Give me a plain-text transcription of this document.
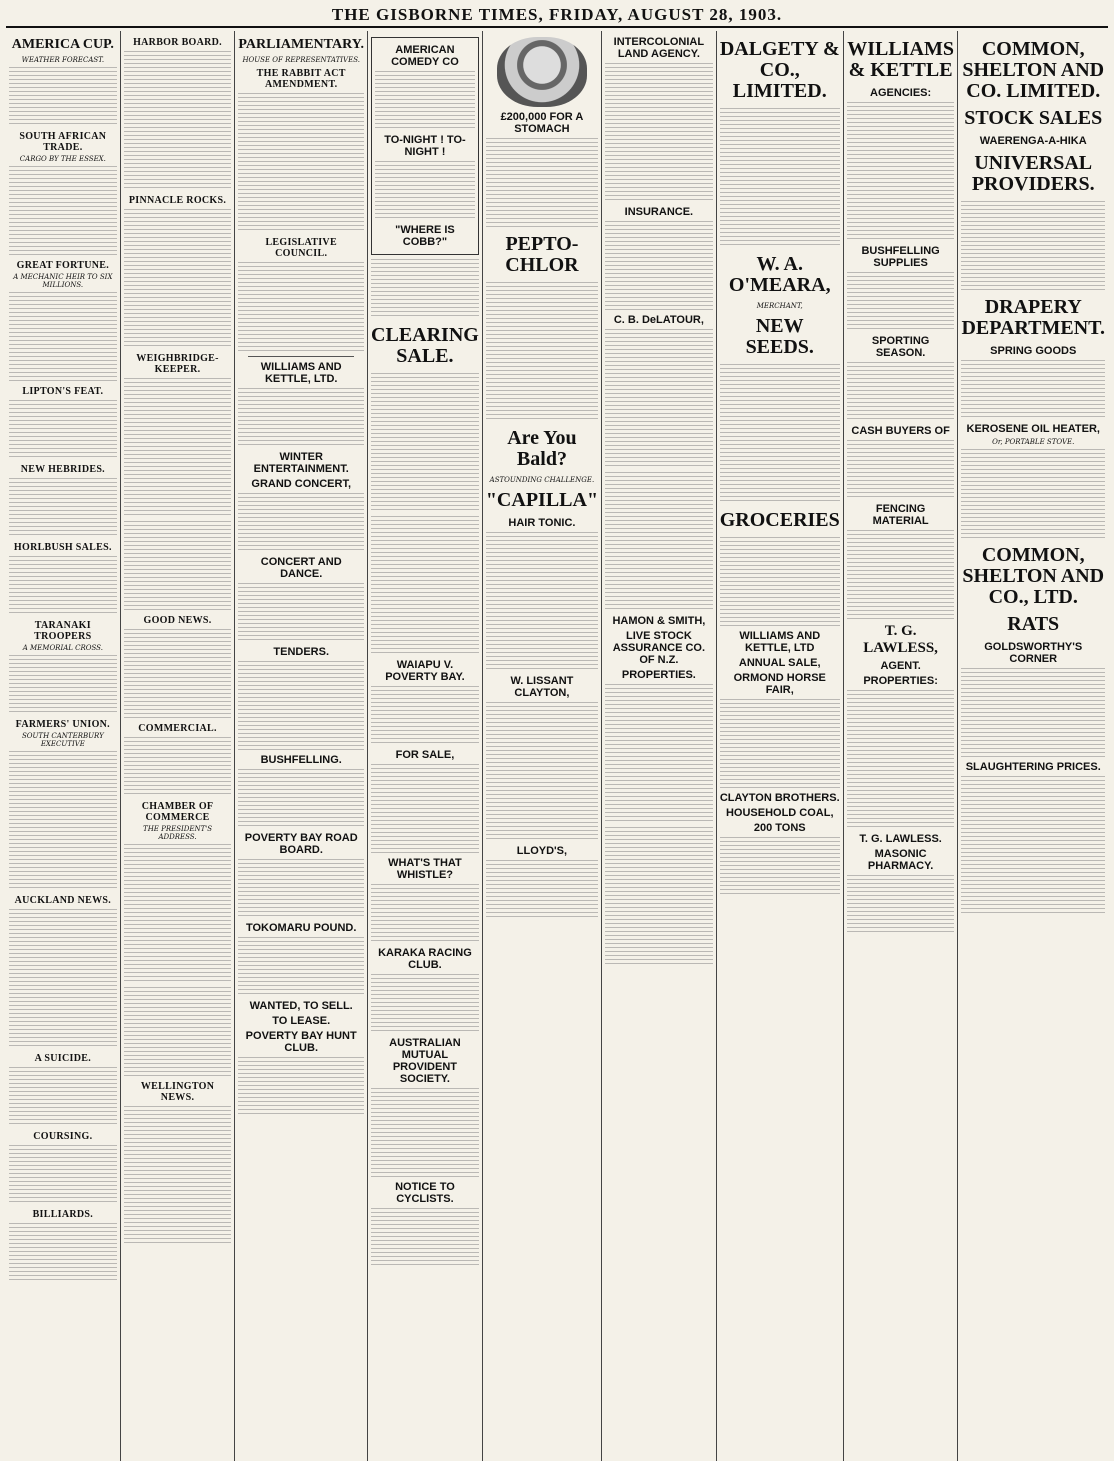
THE GISBORNE TIMES, FRIDAY, AUGUST 28, 1903.
AMERICA CUP.
WEATHER FORECAST.
SOUTH AFRICAN TRADE.
CARGO BY THE ESSEX.
GREAT FORTUNE.
A MECHANIC HEIR TO SIX MILLIONS.
LIPTON'S FEAT.
NEW HEBRIDES.
HORLBUSH SALES.
TARANAKI TROOPERS
A MEMORIAL CROSS.
FARMERS' UNION.
SOUTH CANTERBURY EXECUTIVE
AUCKLAND NEWS.
A SUICIDE.
COURSING.
BILLIARDS.
HARBOR BOARD.
PINNACLE ROCKS.
WEIGHBRIDGE-KEEPER.
GOOD NEWS.
COMMERCIAL.
CHAMBER OF COMMERCE
THE PRESIDENT'S ADDRESS.
WELLINGTON NEWS.
PARLIAMENTARY.
HOUSE OF REPRESENTATIVES.
THE RABBIT ACT AMENDMENT.
LEGISLATIVE COUNCIL.
WILLIAMS AND KETTLE, LTD.
WINTER ENTERTAINMENT.
GRAND CONCERT,
CONCERT AND DANCE.
TENDERS.
BUSHFELLING.
POVERTY BAY ROAD BOARD.
TOKOMARU POUND.
WANTED, TO SELL.
TO LEASE.
POVERTY BAY HUNT CLUB.
AMERICAN COMEDY CO
TO-NIGHT ! TO-NIGHT !
"WHERE IS COBB?"
CLEARING SALE.
WAIAPU V. POVERTY BAY.
FOR SALE,
WHAT'S THAT WHISTLE?
KARAKA RACING CLUB.
AUSTRALIAN MUTUAL PROVIDENT SOCIETY.
NOTICE TO CYCLISTS.
£200,000 FOR A STOMACH
PEPTO-CHLOR
Are You Bald?
ASTOUNDING CHALLENGE.
"CAPILLA"
HAIR TONIC.
W. LISSANT CLAYTON,
LLOYD'S,
INTERCOLONIAL LAND AGENCY.
INSURANCE.
C. B. DeLATOUR,
HAMON & SMITH,
LIVE STOCK ASSURANCE CO. OF N.Z.
PROPERTIES.
DALGETY & CO., LIMITED.
W. A. O'MEARA,
MERCHANT,
NEW SEEDS.
GROCERIES
WILLIAMS AND KETTLE, LTD
ANNUAL SALE,
ORMOND HORSE FAIR,
CLAYTON BROTHERS.
HOUSEHOLD COAL,
200 TONS
WILLIAMS & KETTLE
AGENCIES:
BUSHFELLING SUPPLIES
SPORTING SEASON.
CASH BUYERS OF
FENCING MATERIAL
T. G. LAWLESS,
AGENT.
PROPERTIES:
T. G. LAWLESS.
MASONIC PHARMACY.
COMMON, SHELTON AND CO. LIMITED.
STOCK SALES
WAERENGA-A-HIKA
UNIVERSAL PROVIDERS.
DRAPERY DEPARTMENT.
SPRING GOODS
KEROSENE OIL HEATER,
Or, PORTABLE STOVE.
COMMON, SHELTON AND CO., LTD.
RATS
GOLDSWORTHY'S CORNER
SLAUGHTERING PRICES.
